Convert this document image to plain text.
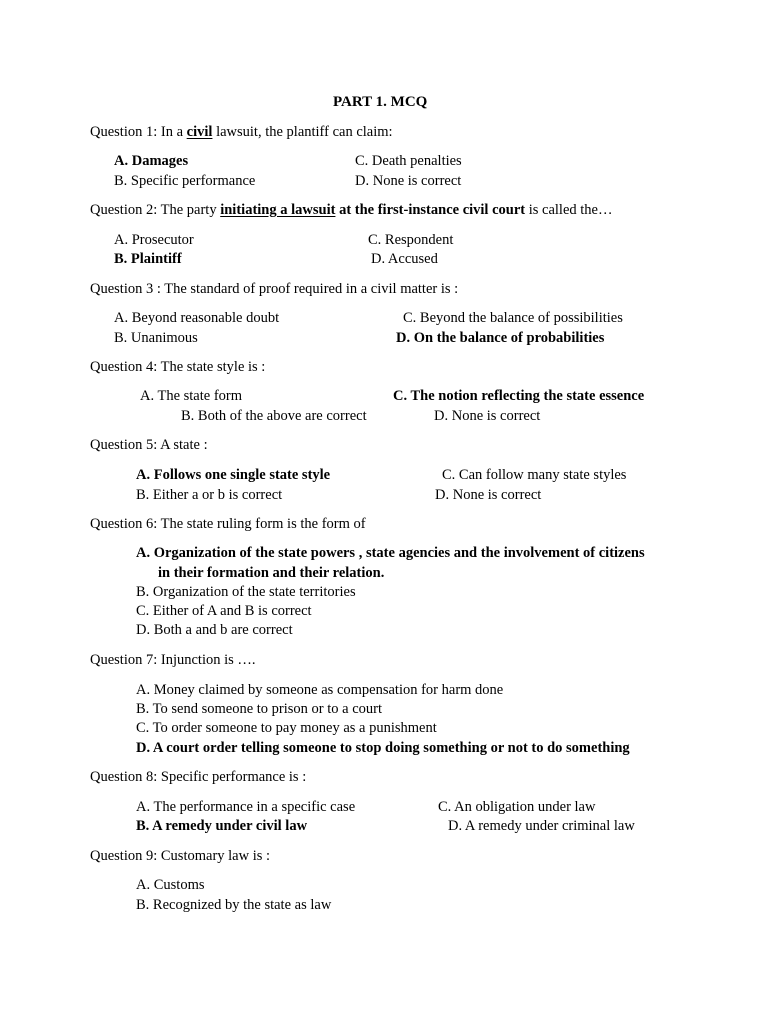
PART 1. MCQ
Question 1: In a civil lawsuit, the plantiff can claim:
A. Damages
B. Specific performance
C. Death penalties
D. None is correct
Question 2: The party initiating a lawsuit at the first-instance civil court is called the…
A. Prosecutor
B. Plaintiff
C. Respondent
D. Accused
Question 3 : The standard of proof required in a civil matter is :
A. Beyond reasonable doubt
B. Unanimous
C. Beyond the balance of possibilities
D. On the balance of probabilities
Question 4: The state style is :
A. The state form
B. Both of the above are correct
C. The notion reflecting the state essence
D. None is correct
Question 5: A state :
A. Follows one single state style
B. Either a or b is correct
C. Can follow many state styles
D. None is correct
Question 6: The state ruling form is the form of
A. Organization of the state powers , state agencies and the involvement of citizens
in their formation and their relation.
B. Organization of the state territories
C. Either of A and B is correct
D. Both a and b are correct
Question 7: Injunction is ….
A. Money claimed by someone as compensation for harm done
B. To send someone to prison or to a court
C. To order someone to pay money as a punishment
D. A court order telling someone to stop doing something or not to do something
Question 8: Specific performance is :
A. The performance in a specific case
B. A remedy under civil law
C. An obligation under law
D. A remedy under criminal law
Question 9: Customary law is :
A. Customs
B. Recognized by the state as law
